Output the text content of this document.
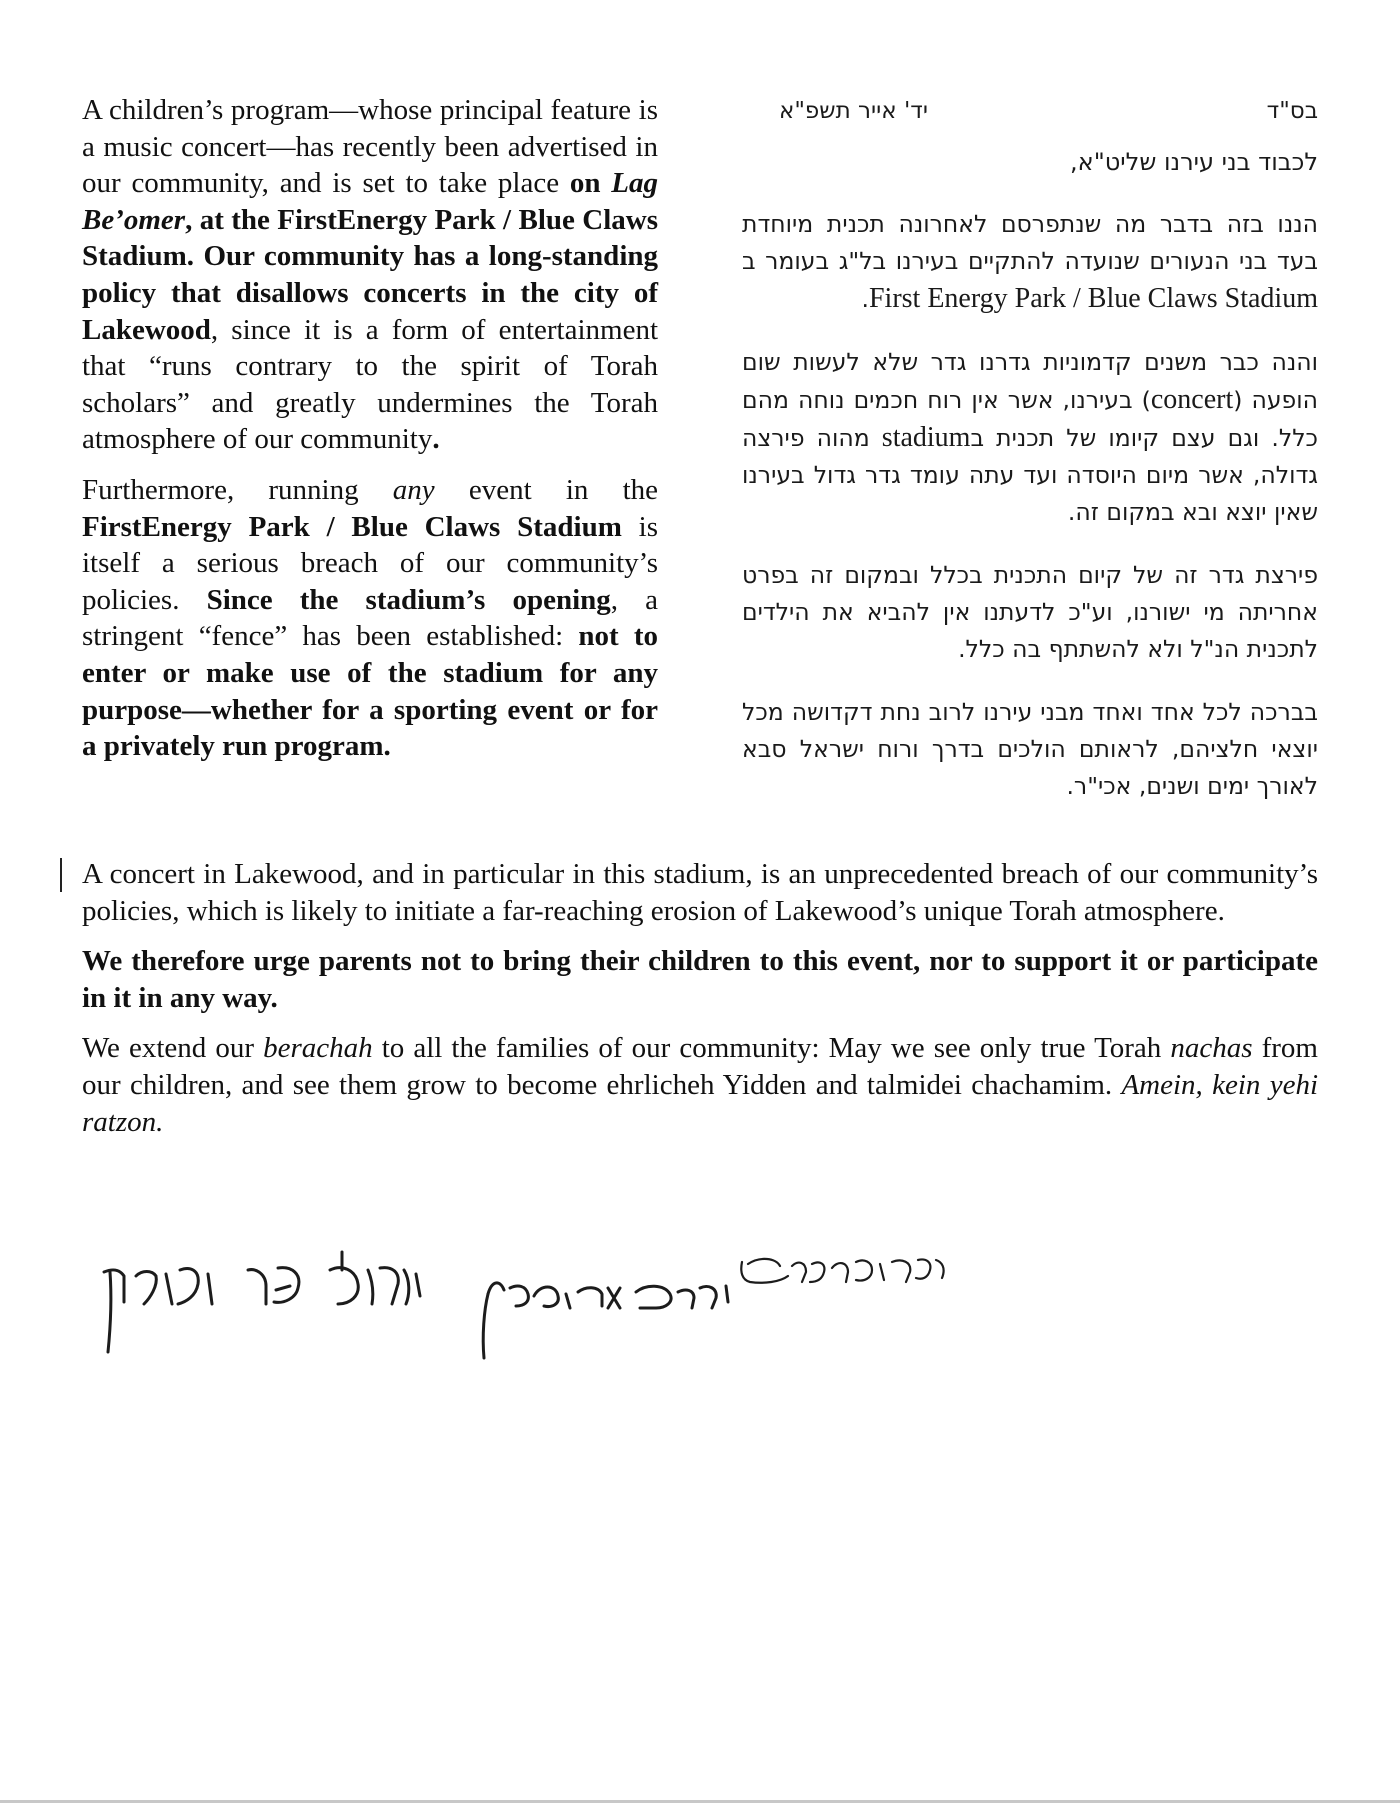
A children’s program—whose principal feature is a music concert—has recently been advertised in our community, and is set to take place on Lag Be’omer, at the FirstEnergy Park / Blue Claws Stadium. Our community has a long-standing policy that disallows concerts in the city of Lakewood, since it is a form of entertainment that “runs contrary to the spirit of Torah scholars” and greatly undermines the Torah atmosphere of our community.

Furthermore, running any event in the FirstEnergy Park / Blue Claws Stadium is itself a serious breach of our community’s policies. Since the stadium’s opening, a stringent “fence” has been established: not to enter or make use of the stadium for any purpose—whether for a sporting event or for a privately run program.

בס"ד
יד' אייר תשפ"א
לכבוד בני עירנו שליט"א,

הננו בזה בדבר מה שנתפרסם לאחרונה תכנית מיוחדת בעד בני הנעורים שנועדה להתקיים בעירנו בל"ג בעומר ב First Energy Park / Blue Claws Stadium.

והנה כבר משנים קדמוניות גדרנו גדר שלא לעשות שום הופעה (concert) בעירנו, אשר אין רוח חכמים נוחה מהם כלל. וגם עצם קיומו של תכנית בstadium מהוה פירצה גדולה, אשר מיום היוסדה ועד עתה עומד גדר גדול בעירנו שאין יוצא ובא במקום זה.

פירצת גדר זה של קיום התכנית בכלל ובמקום זה בפרט אחריתה מי ישורנו, וע"כ לדעתנו אין להביא את הילדים לתכנית הנ"ל ולא להשתתף בה כלל.

בברכה לכל אחד ואחד מבני עירנו לרוב נחת דקדושה מכל יוצאי חלציהם, לראותם הולכים בדרך ורוח ישראל סבא לאורך ימים ושנים, אכי"ר.

A concert in Lakewood, and in particular in this stadium, is an unprecedented breach of our community’s policies, which is likely to initiate a far-reaching erosion of Lakewood’s unique Torah atmosphere.

We therefore urge parents not to bring their children to this event, nor to support it or participate in it in any way.

We extend our berachah to all the families of our community: May we see only true Torah nachas from our children, and see them grow to become ehrlicheh Yidden and talmidei chachamim. Amein, kein yehi ratzon.
